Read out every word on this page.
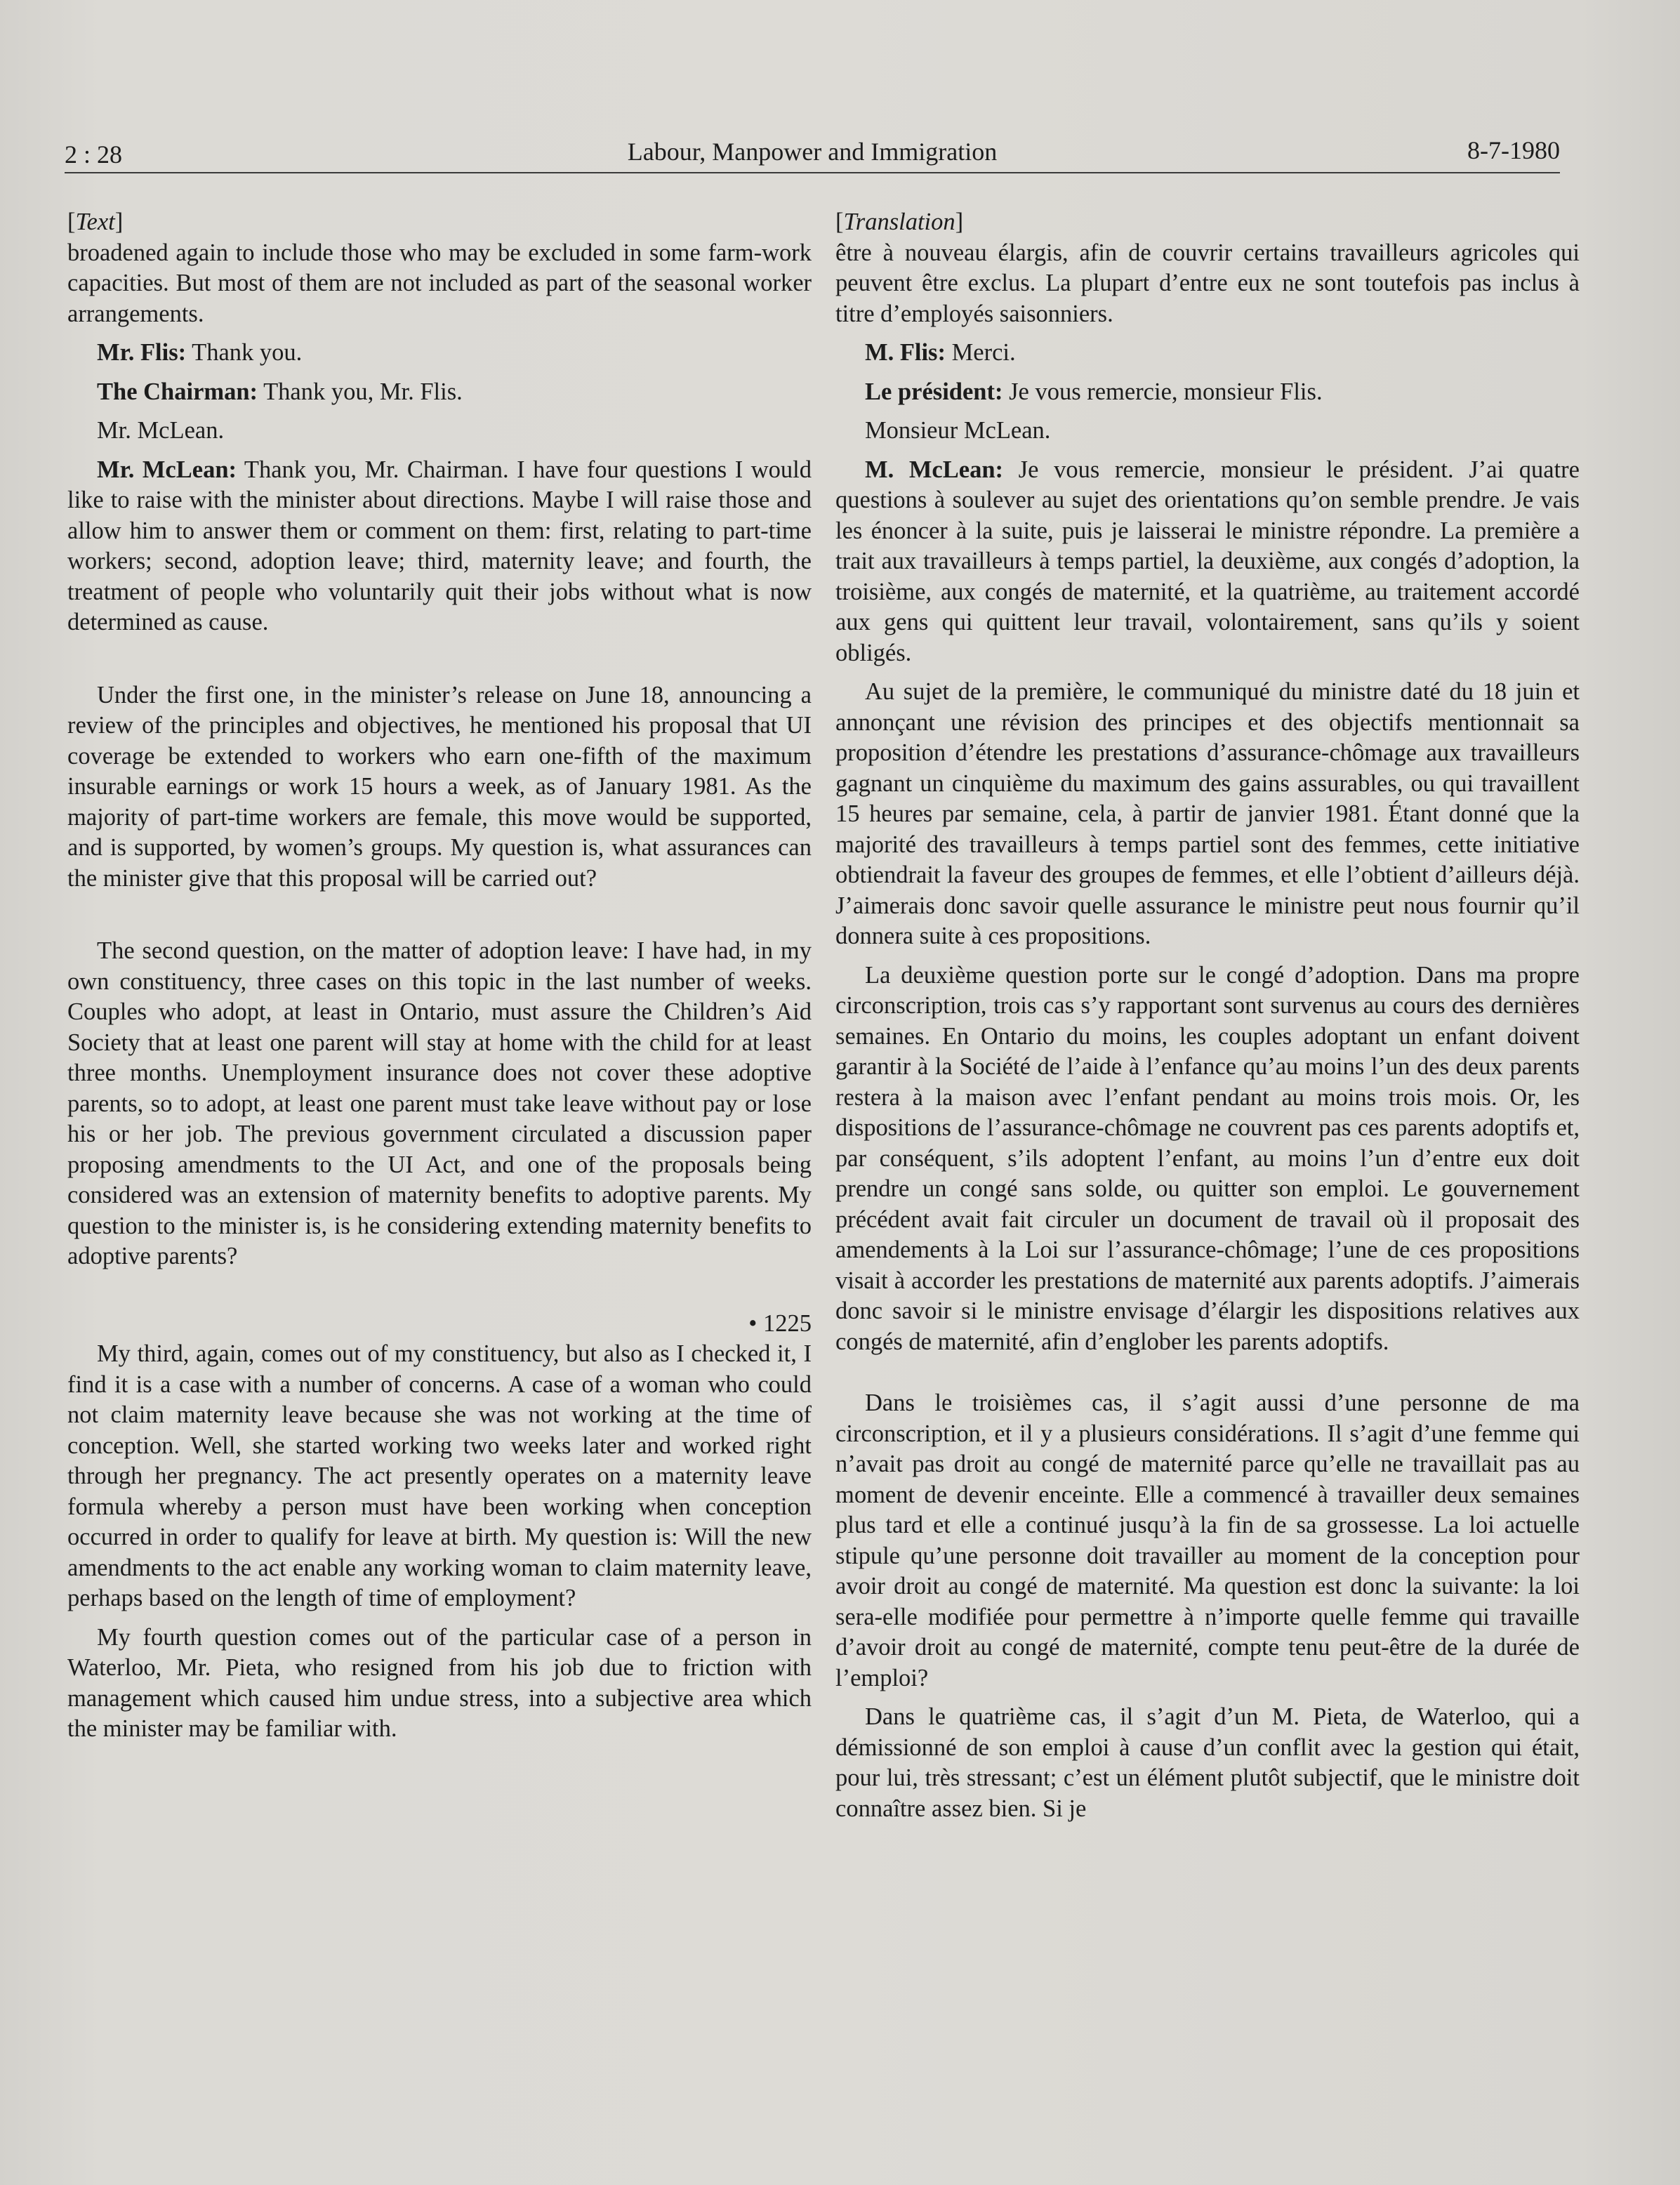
2 : 28	Labour, Manpower and Immigration	8-7-1980

[Text]

broadened again to include those who may be excluded in some farm-work capacities. But most of them are not included as part of the seasonal worker arrangements.

Mr. Flis: Thank you.

The Chairman: Thank you, Mr. Flis.

Mr. McLean.

Mr. McLean: Thank you, Mr. Chairman. I have four questions I would like to raise with the minister about directions. Maybe I will raise those and allow him to answer them or comment on them: first, relating to part-time workers; second, adoption leave; third, maternity leave; and fourth, the treatment of people who voluntarily quit their jobs without what is now determined as cause.

Under the first one, in the minister’s release on June 18, announcing a review of the principles and objectives, he mentioned his proposal that UI coverage be extended to workers who earn one-fifth of the maximum insurable earnings or work 15 hours a week, as of January 1981. As the majority of part-time workers are female, this move would be supported, and is supported, by women’s groups. My question is, what assurances can the minister give that this proposal will be carried out?

The second question, on the matter of adoption leave: I have had, in my own constituency, three cases on this topic in the last number of weeks. Couples who adopt, at least in Ontario, must assure the Children’s Aid Society that at least one parent will stay at home with the child for at least three months. Unemployment insurance does not cover these adoptive parents, so to adopt, at least one parent must take leave without pay or lose his or her job. The previous government circulated a discussion paper proposing amendments to the UI Act, and one of the proposals being considered was an extension of maternity benefits to adoptive parents. My question to the minister is, is he considering extending maternity benefits to adoptive parents?

• 1225

My third, again, comes out of my constituency, but also as I checked it, I find it is a case with a number of concerns. A case of a woman who could not claim maternity leave because she was not working at the time of conception. Well, she started working two weeks later and worked right through her pregnancy. The act presently operates on a maternity leave formula whereby a person must have been working when conception occurred in order to qualify for leave at birth. My question is: Will the new amendments to the act enable any working woman to claim maternity leave, perhaps based on the length of time of employment?

My fourth question comes out of the particular case of a person in Waterloo, Mr. Pieta, who resigned from his job due to friction with management which caused him undue stress, into a subjective area which the minister may be familiar with.

[Translation]

être à nouveau élargis, afin de couvrir certains travailleurs agricoles qui peuvent être exclus. La plupart d’entre eux ne sont toutefois pas inclus à titre d’employés saisonniers.

M. Flis: Merci.

Le président: Je vous remercie, monsieur Flis.

Monsieur McLean.

M. McLean: Je vous remercie, monsieur le président. J’ai quatre questions à soulever au sujet des orientations qu’on semble prendre. Je vais les énoncer à la suite, puis je laisserai le ministre répondre. La première a trait aux travailleurs à temps partiel, la deuxième, aux congés d’adoption, la troisième, aux congés de maternité, et la quatrième, au traitement accordé aux gens qui quittent leur travail, volontairement, sans qu’ils y soient obligés.

Au sujet de la première, le communiqué du ministre daté du 18 juin et annonçant une révision des principes et des objectifs mentionnait sa proposition d’étendre les prestations d’assurance-chômage aux travailleurs gagnant un cinquième du maximum des gains assurables, ou qui travaillent 15 heures par semaine, cela, à partir de janvier 1981. Étant donné que la majorité des travailleurs à temps partiel sont des femmes, cette initiative obtiendrait la faveur des groupes de femmes, et elle l’obtient d’ailleurs déjà. J’aimerais donc savoir quelle assurance le ministre peut nous fournir qu’il donnera suite à ces propositions.

La deuxième question porte sur le congé d’adoption. Dans ma propre circonscription, trois cas s’y rapportant sont survenus au cours des dernières semaines. En Ontario du moins, les couples adoptant un enfant doivent garantir à la Société de l’aide à l’enfance qu’au moins l’un des deux parents restera à la maison avec l’enfant pendant au moins trois mois. Or, les dispositions de l’assurance-chômage ne couvrent pas ces parents adoptifs et, par conséquent, s’ils adoptent l’enfant, au moins l’un d’entre eux doit prendre un congé sans solde, ou quitter son emploi. Le gouvernement précédent avait fait circuler un document de travail où il proposait des amendements à la Loi sur l’assurance-chômage; l’une de ces propositions visait à accorder les prestations de maternité aux parents adoptifs. J’aimerais donc savoir si le ministre envisage d’élargir les dispositions relatives aux congés de maternité, afin d’englober les parents adoptifs.

Dans le troisièmes cas, il s’agit aussi d’une personne de ma circonscription, et il y a plusieurs considérations. Il s’agit d’une femme qui n’avait pas droit au congé de maternité parce qu’elle ne travaillait pas au moment de devenir enceinte. Elle a commencé à travailler deux semaines plus tard et elle a continué jusqu’à la fin de sa grossesse. La loi actuelle stipule qu’une personne doit travailler au moment de la conception pour avoir droit au congé de maternité. Ma question est donc la suivante: la loi sera-elle modifiée pour permettre à n’importe quelle femme qui travaille d’avoir droit au congé de maternité, compte tenu peut-être de la durée de l’emploi?

Dans le quatrième cas, il s’agit d’un M. Pieta, de Waterloo, qui a démissionné de son emploi à cause d’un conflit avec la gestion qui était, pour lui, très stressant; c’est un élément plutôt subjectif, que le ministre doit connaître assez bien. Si je
